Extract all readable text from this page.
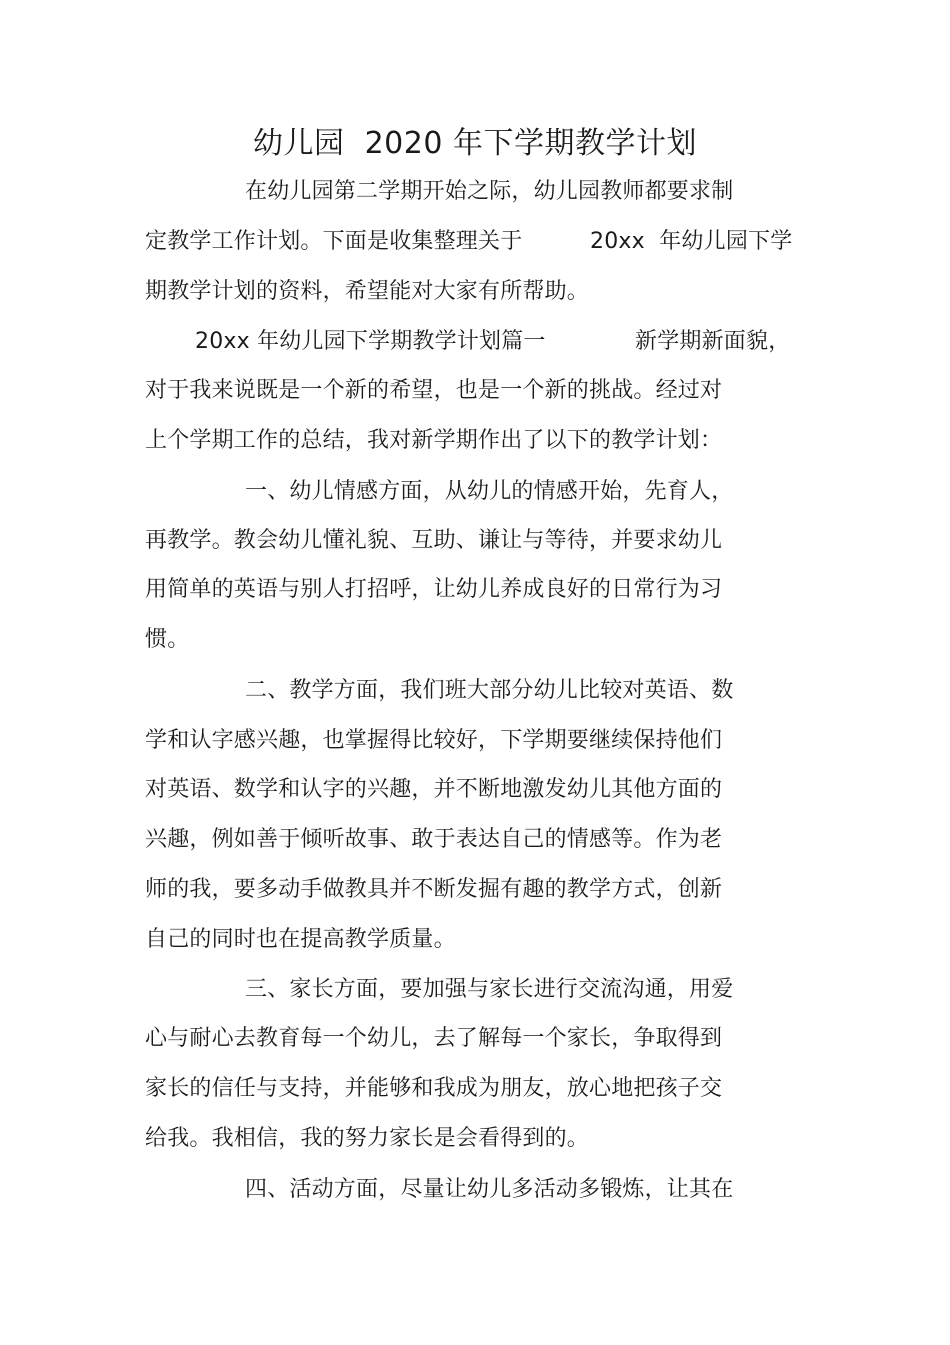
幼儿园  2020 年下学期教学计划
在幼儿园第二学期开始之际，幼儿园教师都要求制
定教学工作计划。下面是收集整理关于	20xx  年幼儿园下学
期教学计划的资料，希望能对大家有所帮助。
20xx 年幼儿园下学期教学计划篇一	新学期新面貌，
对于我来说既是一个新的希望，也是一个新的挑战。经过对
上个学期工作的总结，我对新学期作出了以下的教学计划：
一、幼儿情感方面，从幼儿的情感开始，先育人，
再教学。教会幼儿懂礼貌、互助、谦让与等待，并要求幼儿
用简单的英语与别人打招呼，让幼儿养成良好的日常行为习
惯。
二、教学方面，我们班大部分幼儿比较对英语、数
学和认字感兴趣，也掌握得比较好，下学期要继续保持他们
对英语、数学和认字的兴趣，并不断地激发幼儿其他方面的
兴趣，例如善于倾听故事、敢于表达自己的情感等。作为老
师的我，要多动手做教具并不断发掘有趣的教学方式，创新
自己的同时也在提高教学质量。
三、家长方面，要加强与家长进行交流沟通，用爱
心与耐心去教育每一个幼儿，去了解每一个家长，争取得到
家长的信任与支持，并能够和我成为朋友，放心地把孩子交
给我。我相信，我的努力家长是会看得到的。
四、活动方面，尽量让幼儿多活动多锻炼，让其在
